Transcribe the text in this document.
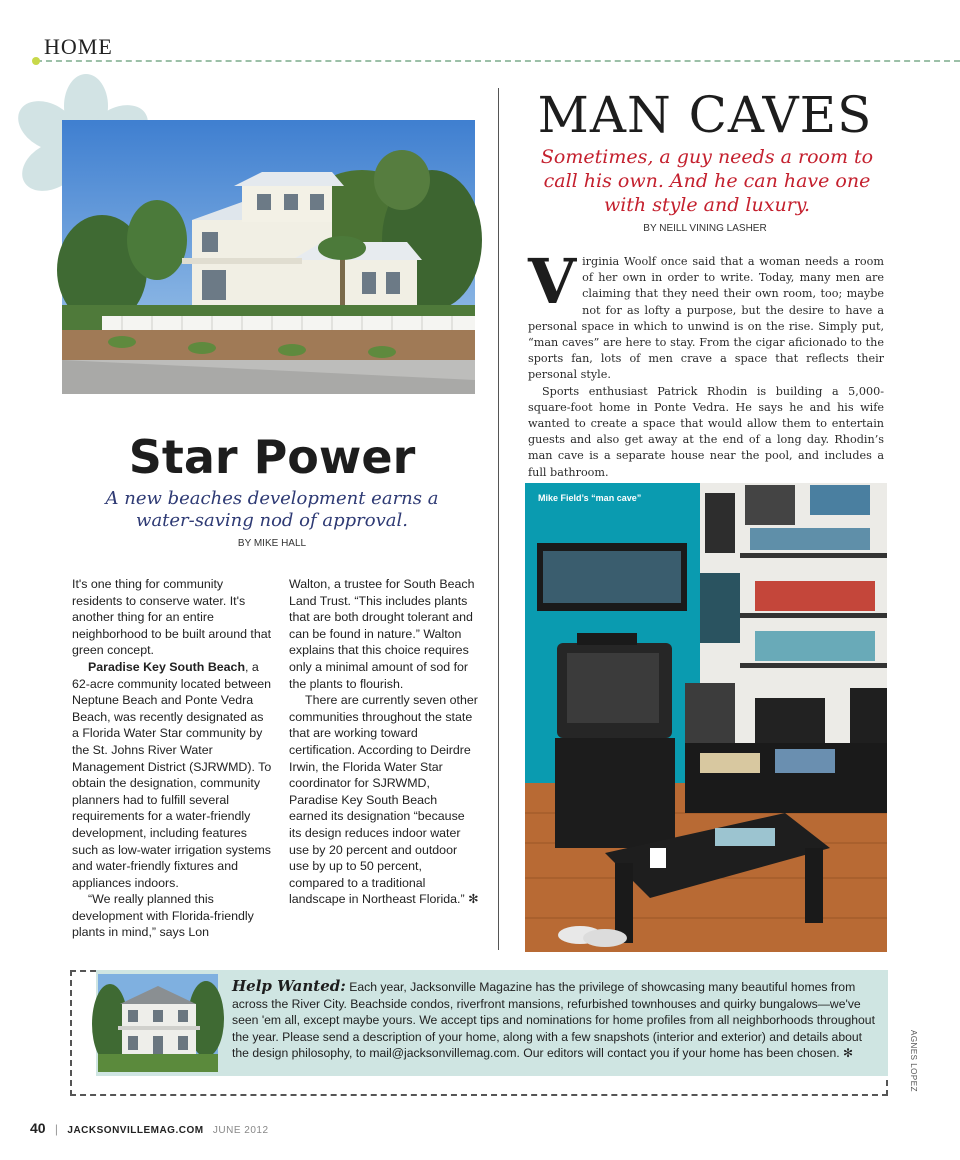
HOME
Star Power
A new beaches development earns a water-saving nod of approval.
BY MIKE HALL

It's one thing for community residents to conserve water. It's another thing for an entire neighborhood to be built around that green concept.

Paradise Key South Beach, a 62-acre community located between Neptune Beach and Ponte Vedra Beach, was recently designated as a Florida Water Star community by the St. Johns River Water Management District (SJRWMD). To obtain the designation, community planners had to fulfill several requirements for a water-friendly development, including features such as low-water irrigation systems and water-friendly fixtures and appliances indoors.

“We really planned this development with Florida-friendly plants in mind,” says Lon

Walton, a trustee for South Beach Land Trust. “This includes plants that are both drought tolerant and can be found in nature.” Walton explains that this choice requires only a minimal amount of sod for the plants to flourish.

There are currently seven other communities throughout the state that are working toward certification. According to Deirdre Irwin, the Florida Water Star coordinator for SJRWMD, Paradise Key South Beach earned its designation “because its design reduces indoor water use by 20 percent and outdoor use by up to 50 percent, compared to a traditional landscape in Northeast Florida.” ✻

MAN CAVES
Sometimes, a guy needs a room to call his own. And he can have one with style and luxury.
BY NEILL VINING LASHER

Virginia Woolf once said that a woman needs a room of her own in order to write. Today, many men are claiming that they need their own room, too; maybe not for as lofty a purpose, but the desire to have a personal space in which to unwind is on the rise. Simply put, “man caves” are here to stay. From the cigar aficionado to the sports fan, lots of men crave a space that reflects their personal style.

Sports enthusiast Patrick Rhodin is building a 5,000-square-foot home in Ponte Vedra. He says he and his wife wanted to create a space that would allow them to entertain guests and also get away at the end of a long day. Rhodin’s man cave is a separate house near the pool, and includes a full bathroom.

Mike Field’s “man cave”
Help Wanted: Each year, Jacksonville Magazine has the privilege of showcasing many beautiful homes from across the River City. Beachside condos, riverfront mansions, refurbished townhouses and quirky bungalows—we've seen 'em all, except maybe yours. We accept tips and nominations for home profiles from all neighborhoods throughout the year. Please send a description of your home, along with a few snapshots (interior and exterior) and details about the design philosophy, to mail@jacksonvillemag.com. Our editors will contact you if your home has been chosen. ✻	AGNES LOPEZ
40 | JACKSONVILLEMAG.COM JUNE 2012
